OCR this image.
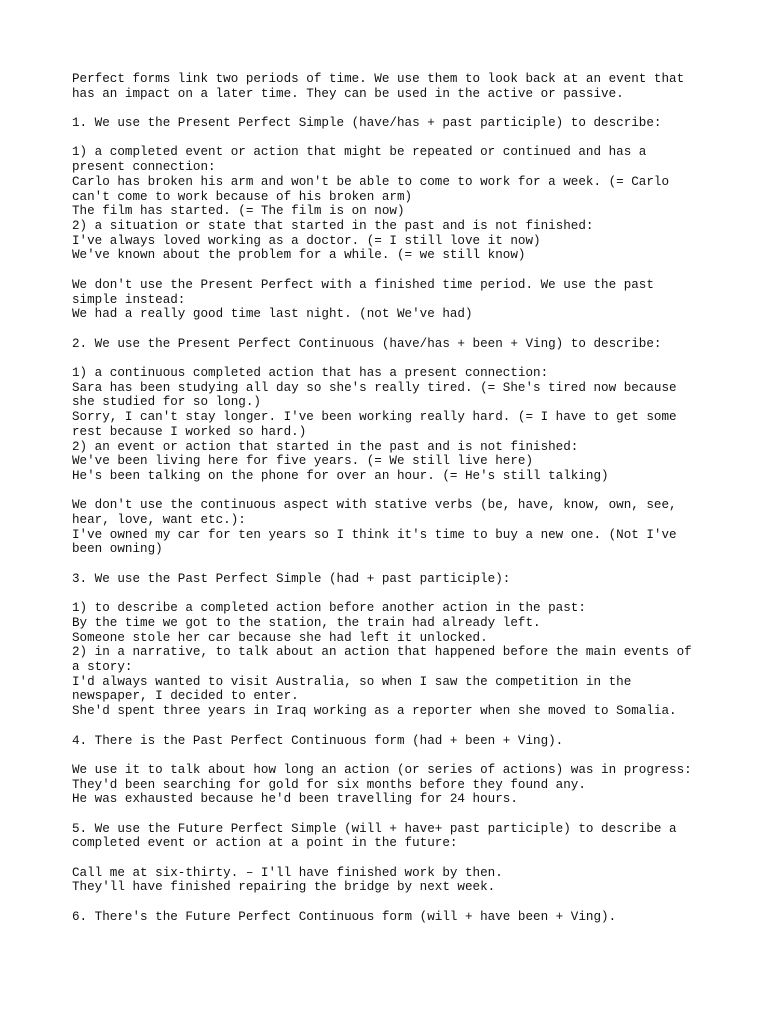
Perfect forms link two periods of time. We use them to look back at an event that

has an impact on a later time. They can be used in the active or passive.

1. We use the Present Perfect Simple (have/has + past participle) to describe:

1) a completed event or action that might be repeated or continued and has a

present connection:

Carlo has broken his arm and won't be able to come to work for a week. (= Carlo

can't come to work because of his broken arm)

The film has started. (= The film is on now)

2) a situation or state that started in the past and is not finished:

I've always loved working as a doctor. (= I still love it now)

We've known about the problem for a while. (= we still know)

We don't use the Present Perfect with a finished time period. We use the past

simple instead:

We had a really good time last night. (not We've had)

2. We use the Present Perfect Continuous (have/has + been + Ving) to describe:

1) a continuous completed action that has a present connection:

Sara has been studying all day so she's really tired. (= She's tired now because

she studied for so long.)

Sorry, I can't stay longer. I've been working really hard. (= I have to get some

rest because I worked so hard.)

2) an event or action that started in the past and is not finished:

We've been living here for five years. (= We still live here)

He's been talking on the phone for over an hour. (= He's still talking)

We don't use the continuous aspect with stative verbs (be, have, know, own, see,

hear, love, want etc.):

I've owned my car for ten years so I think it's time to buy a new one. (Not I've

been owning)

3. We use the Past Perfect Simple (had + past participle):

1) to describe a completed action before another action in the past:

By the time we got to the station, the train had already left.

Someone stole her car because she had left it unlocked.

2) in a narrative, to talk about an action that happened before the main events of

a story:

I'd always wanted to visit Australia, so when I saw the competition in the

newspaper, I decided to enter.

She'd spent three years in Iraq working as a reporter when she moved to Somalia.

4. There is the Past Perfect Continuous form (had + been + Ving).

We use it to talk about how long an action (or series of actions) was in progress:

They'd been searching for gold for six months before they found any.

He was exhausted because he'd been travelling for 24 hours.

5. We use the Future Perfect Simple (will + have+ past participle) to describe a

completed event or action at a point in the future:

Call me at six-thirty. – I'll have finished work by then.

They'll have finished repairing the bridge by next week.

6. There's the Future Perfect Continuous form (will + have been + Ving).
